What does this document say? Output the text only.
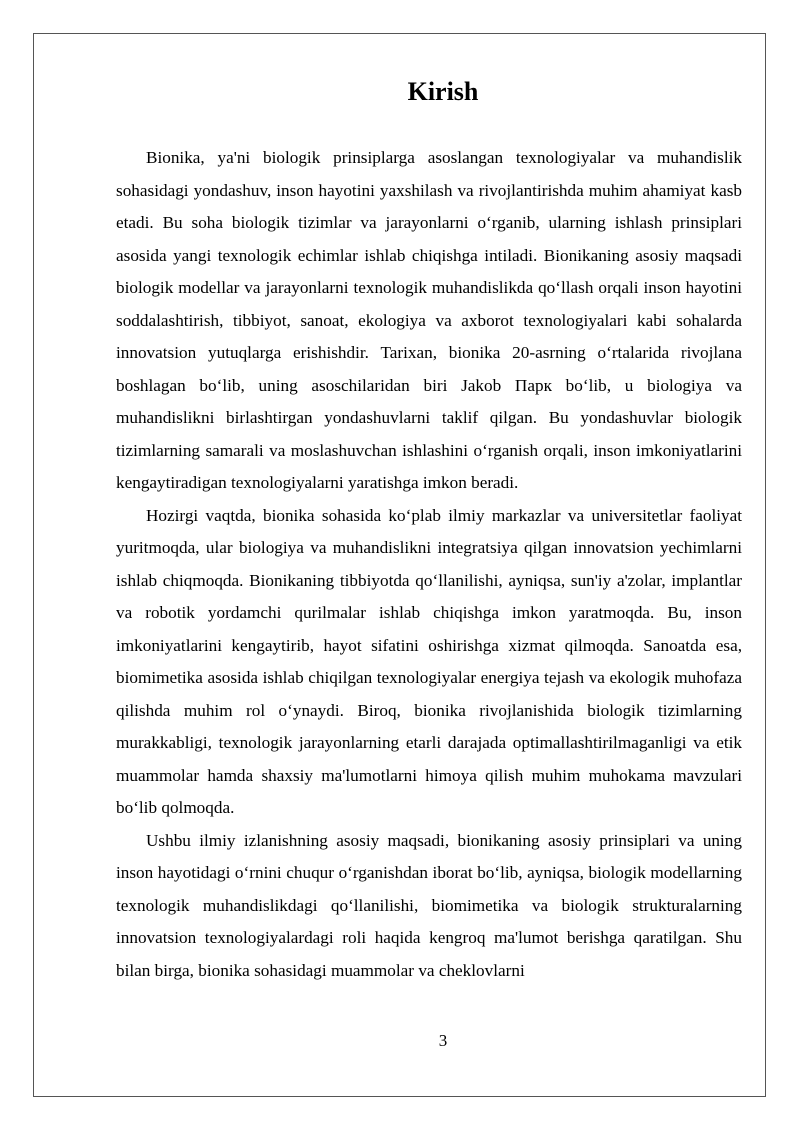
Kirish

Bionika, ya'ni biologik prinsiplarga asoslangan texnologiyalar va muhandislik sohasidagi yondashuv, inson hayotini yaxshilash va rivojlantirishda muhim ahamiyat kasb etadi. Bu soha biologik tizimlar va jarayonlarni o‘rganib, ularning ishlash prinsiplari asosida yangi texnologik echimlar ishlab chiqishga intiladi. Bionikaning asosiy maqsadi biologik modellar va jarayonlarni texnologik muhandislikda qo‘llash orqali inson hayotini soddalashtirish, tibbiyot, sanoat, ekologiya va axborot texnologiyalari kabi sohalarda innovatsion yutuqlarga erishishdir. Tarixan, bionika 20-asrning o‘rtalarida rivojlana boshlagan bo‘lib, uning asoschilaridan biri Jakob Парк bo‘lib, u biologiya va muhandislikni birlashtirgan yondashuvlarni taklif qilgan. Bu yondashuvlar biologik tizimlarning samarali va moslashuvchan ishlashini o‘rganish orqali, inson imkoniyatlarini kengaytiradigan texnologiyalarni yaratishga imkon beradi.

Hozirgi vaqtda, bionika sohasida ko‘plab ilmiy markazlar va universitetlar faoliyat yuritmoqda, ular biologiya va muhandislikni integratsiya qilgan innovatsion yechimlarni ishlab chiqmoqda. Bionikaning tibbiyotda qo‘llanilishi, ayniqsa, sun'iy a'zolar, implantlar va robotik yordamchi qurilmalar ishlab chiqishga imkon yaratmoqda. Bu, inson imkoniyatlarini kengaytirib, hayot sifatini oshirishga xizmat qilmoqda. Sanoatda esa, biomimetika asosida ishlab chiqilgan texnologiyalar energiya tejash va ekologik muhofaza qilishda muhim rol o‘ynaydi. Biroq, bionika rivojlanishida biologik tizimlarning murakkabligi, texnologik jarayonlarning etarli darajada optimallashtirilmaganligi va etik muammolar hamda shaxsiy ma'lumotlarni himoya qilish muhim muhokama mavzulari bo‘lib qolmoqda.

Ushbu ilmiy izlanishning asosiy maqsadi, bionikaning asosiy prinsiplari va uning inson hayotidagi o‘rnini chuqur o‘rganishdan iborat bo‘lib, ayniqsa, biologik modellarning texnologik muhandislikdagi qo‘llanilishi, biomimetika va biologik strukturalarning innovatsion texnologiyalardagi roli haqida kengroq ma'lumot berishga qaratilgan. Shu bilan birga, bionika sohasidagi muammolar va cheklovlarni

3
